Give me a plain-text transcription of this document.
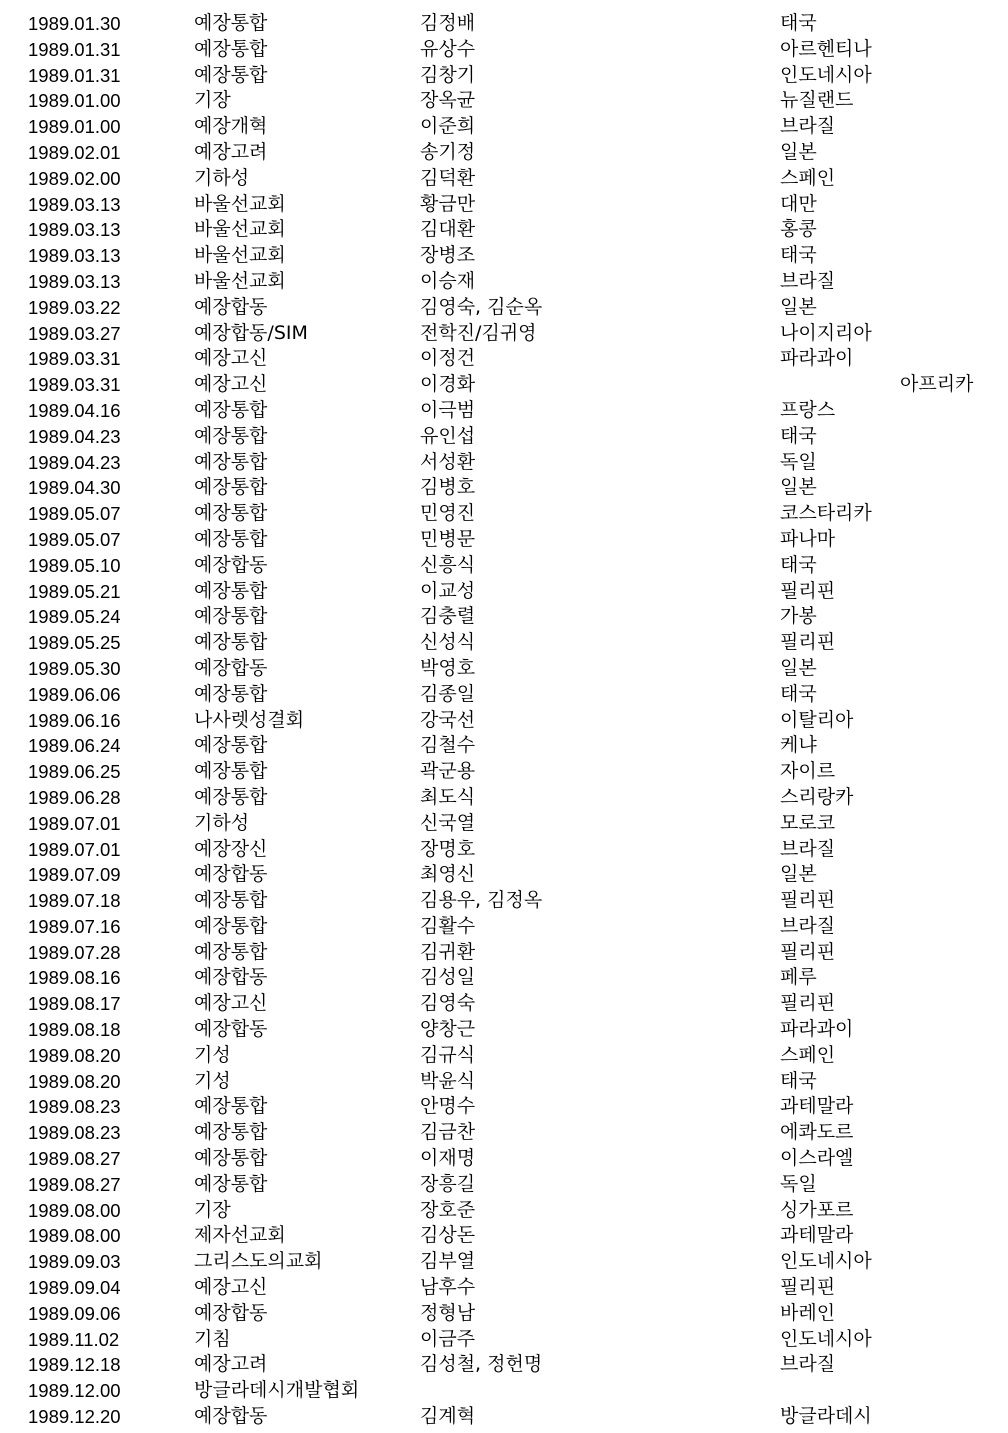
1989.01.30	예장통합	김정배	태국
1989.01.31	예장통합	유상수	아르헨티나
1989.01.31	예장통합	김창기	인도네시아
1989.01.00	기장	장옥균	뉴질랜드
1989.01.00	예장개혁	이준희	브라질
1989.02.01	예장고려	송기정	일본
1989.02.00	기하성	김덕환	스페인
1989.03.13	바울선교회	황금만	대만
1989.03.13	바울선교회	김대환	홍콩
1989.03.13	바울선교회	장병조	태국
1989.03.13	바울선교회	이승재	브라질
1989.03.22	예장합동	김영숙, 김순옥	일본
1989.03.27	예장합동/SIM	전학진/김귀영	나이지리아
1989.03.31	예장고신	이정건	파라과이
1989.03.31	예장고신	이경화	아프리카
1989.04.16	예장통합	이극범	프랑스
1989.04.23	예장통합	유인섭	태국
1989.04.23	예장통합	서성환	독일
1989.04.30	예장통합	김병호	일본
1989.05.07	예장통합	민영진	코스타리카
1989.05.07	예장통합	민병문	파나마
1989.05.10	예장합동	신흥식	태국
1989.05.21	예장통합	이교성	필리핀
1989.05.24	예장통합	김충렬	가봉
1989.05.25	예장통합	신성식	필리핀
1989.05.30	예장합동	박영호	일본
1989.06.06	예장통합	김종일	태국
1989.06.16	나사렛성결회	강국선	이탈리아
1989.06.24	예장통합	김철수	케냐
1989.06.25	예장통합	곽군용	자이르
1989.06.28	예장통합	최도식	스리랑카
1989.07.01	기하성	신국열	모로코
1989.07.01	예장장신	장명호	브라질
1989.07.09	예장합동	최영신	일본
1989.07.18	예장통합	김용우, 김정옥	필리핀
1989.07.16	예장통합	김활수	브라질
1989.07.28	예장통합	김귀환	필리핀
1989.08.16	예장합동	김성일	페루
1989.08.17	예장고신	김영숙	필리핀
1989.08.18	예장합동	양창근	파라과이
1989.08.20	기성	김규식	스페인
1989.08.20	기성	박윤식	태국
1989.08.23	예장통합	안명수	과테말라
1989.08.23	예장통합	김금찬	에콰도르
1989.08.27	예장통합	이재명	이스라엘
1989.08.27	예장통합	장흥길	독일
1989.08.00	기장	장호준	싱가포르
1989.08.00	제자선교회	김상돈	과테말라
1989.09.03	그리스도의교회	김부열	인도네시아
1989.09.04	예장고신	남후수	필리핀
1989.09.06	예장합동	정형남	바레인
1989.11.02	기침	이금주	인도네시아
1989.12.18	예장고려	김성철, 정헌명	브라질
1989.12.00	방글라데시개발협회
1989.12.20	예장합동	김계혁	방글라데시
